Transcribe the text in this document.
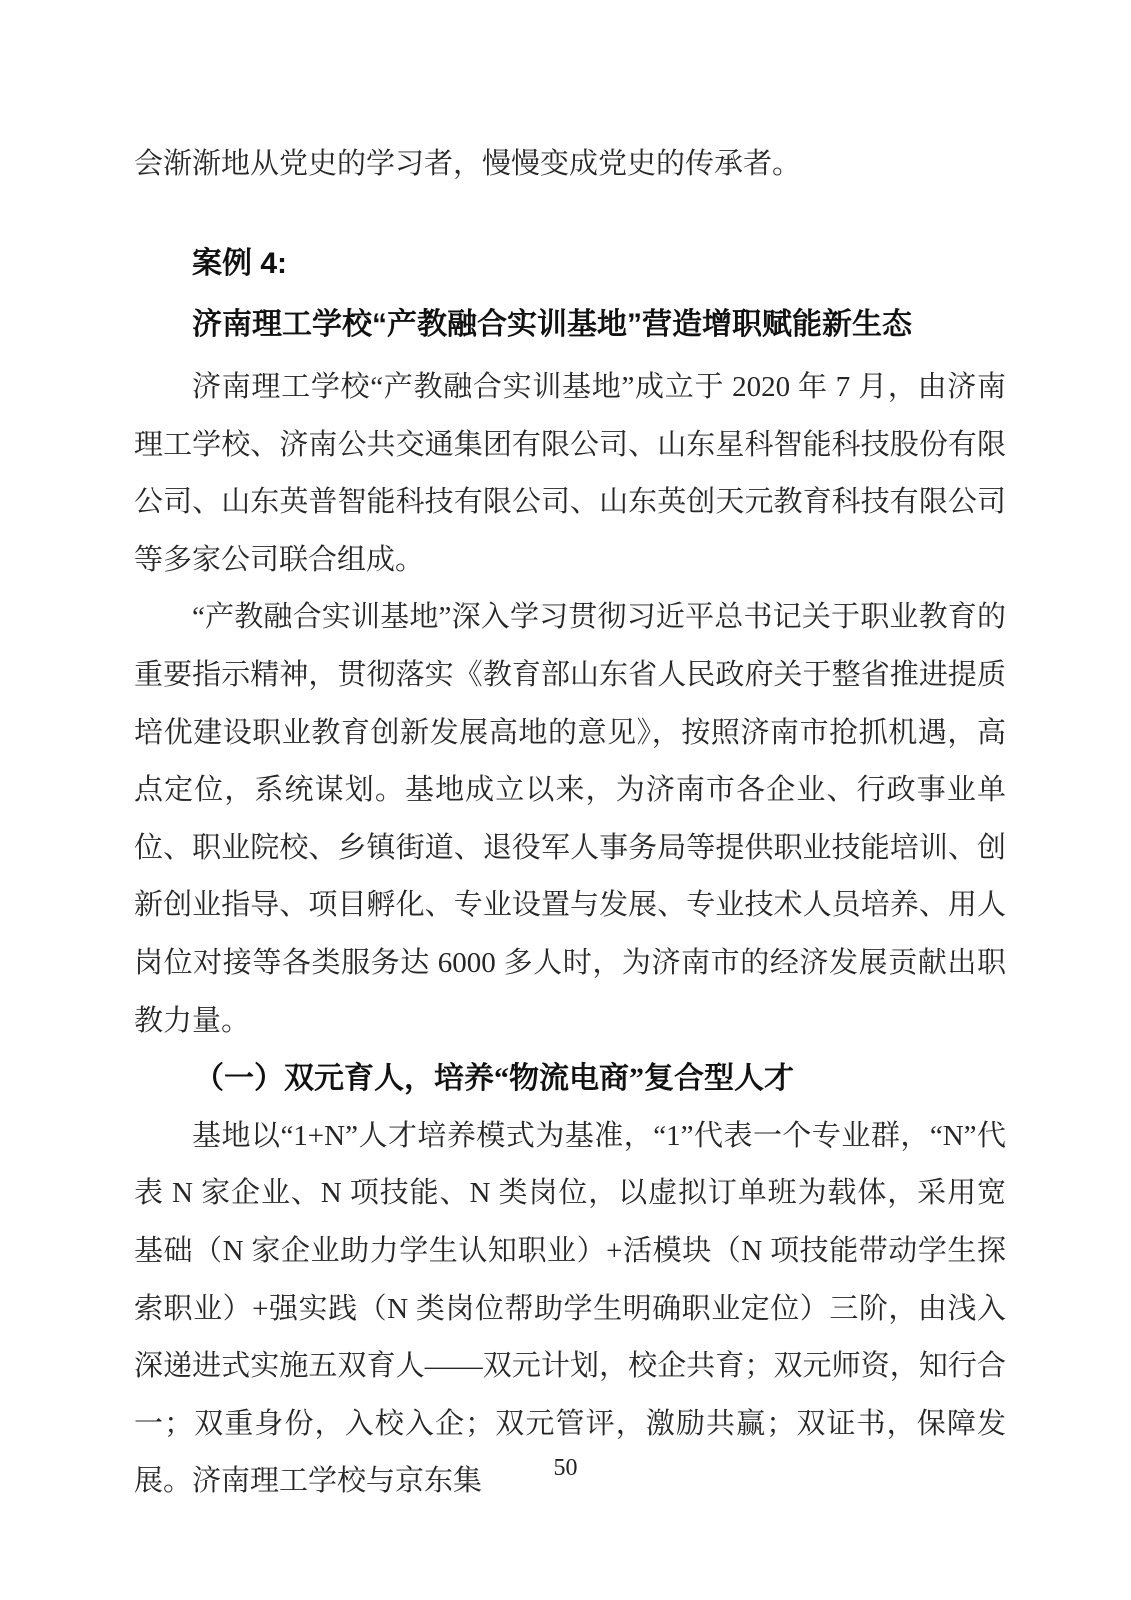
会渐渐地从党史的学习者，慢慢变成党史的传承者。
案例 4:
济南理工学校“产教融合实训基地”营造增职赋能新生态

济南理工学校“产教融合实训基地”成立于 2020 年 7 月，由济南理工学校、济南公共交通集团有限公司、山东星科智能科技股份有限公司、山东英普智能科技有限公司、山东英创天元教育科技有限公司等多家公司联合组成。

“产教融合实训基地”深入学习贯彻习近平总书记关于职业教育的重要指示精神，贯彻落实《教育部山东省人民政府关于整省推进提质培优建设职业教育创新发展高地的意见》，按照济南市抢抓机遇，高点定位，系统谋划。基地成立以来，为济南市各企业、行政事业单位、职业院校、乡镇街道、退役军人事务局等提供职业技能培训、创新创业指导、项目孵化、专业设置与发展、专业技术人员培养、用人岗位对接等各类服务达 6000 多人时，为济南市的经济发展贡献出职教力量。

（一）双元育人，培养“物流电商”复合型人才

基地以“1+N”人才培养模式为基准，“1”代表一个专业群，“N”代表 N 家企业、N 项技能、N 类岗位，以虚拟订单班为载体，采用宽基础（N 家企业助力学生认知职业）+活模块（N 项技能带动学生探索职业）+强实践（N 类岗位帮助学生明确职业定位）三阶，由浅入深递进式实施五双育人——双元计划，校企共育；双元师资，知行合一；双重身份，入校入企；双元管评，激励共赢；双证书，保障发展。济南理工学校与京东集	50
